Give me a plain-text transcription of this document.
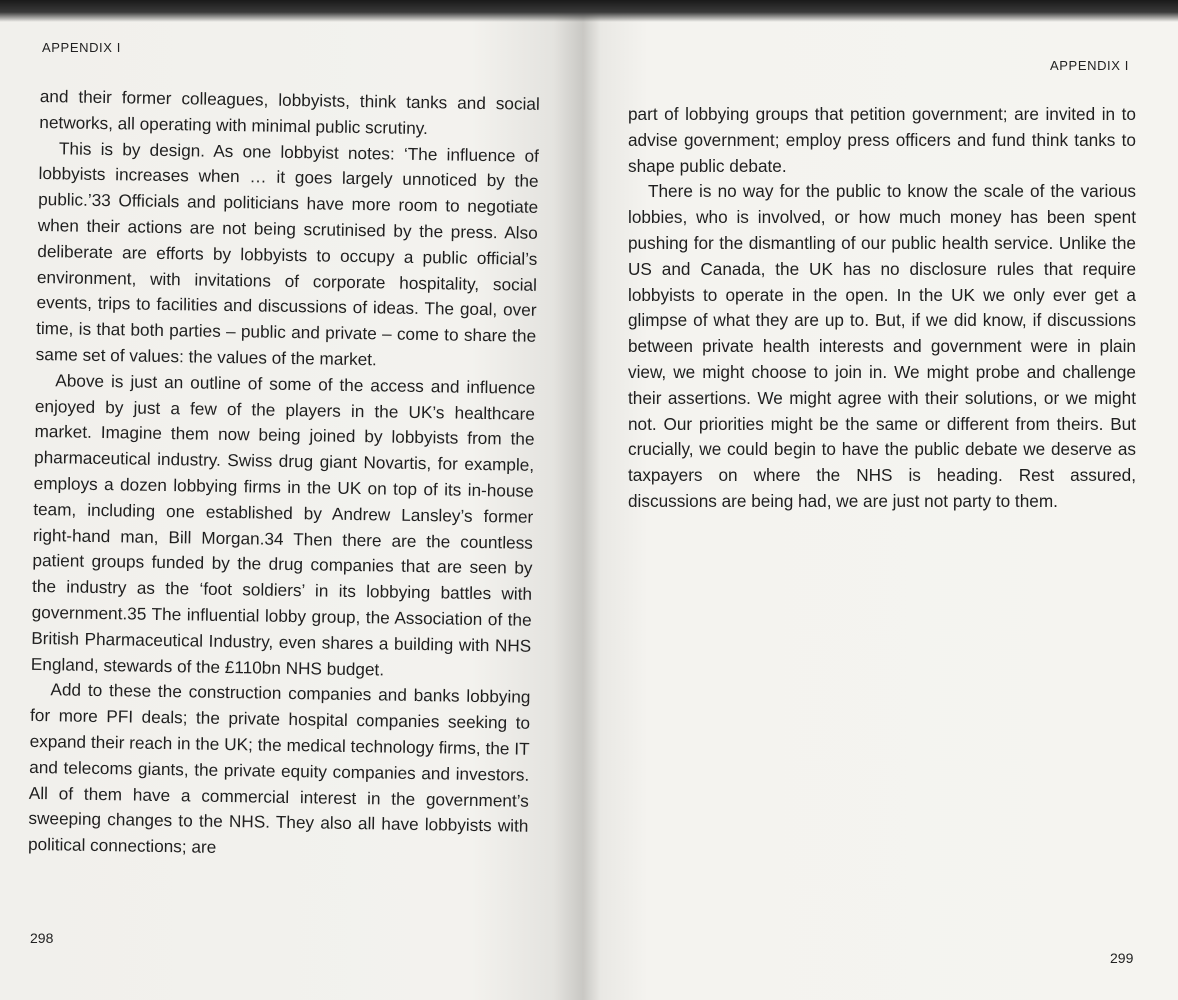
APPENDIX I

and their former colleagues, lobbyists, think tanks and social networks, all operating with minimal public scrutiny.

This is by design. As one lobbyist notes: ‘The influence of lobbyists increases when … it goes largely unnoticed by the public.’33 Officials and politicians have more room to negotiate when their actions are not being scrutinised by the press. Also deliberate are efforts by lobbyists to occupy a public official’s environment, with invitations of corporate hospitality, social events, trips to facilities and discussions of ideas. The goal, over time, is that both parties – public and private – come to share the same set of values: the values of the market.

Above is just an outline of some of the access and influence enjoyed by just a few of the players in the UK’s healthcare market. Imagine them now being joined by lobbyists from the pharmaceutical industry. Swiss drug giant Novartis, for example, employs a dozen lobbying firms in the UK on top of its in-house team, including one established by Andrew Lansley’s former right-hand man, Bill Morgan.34 Then there are the countless patient groups funded by the drug companies that are seen by the industry as the ‘foot soldiers’ in its lobbying battles with government.35 The influential lobby group, the Association of the British Pharmaceutical Industry, even shares a building with NHS England, stewards of the £110bn NHS budget.

Add to these the construction companies and banks lobbying for more PFI deals; the private hospital companies seeking to expand their reach in the UK; the medical technology firms, the IT and telecoms giants, the private equity companies and investors. All of them have a commercial interest in the government’s sweeping changes to the NHS. They also all have lobbyists with political connections; are

298
APPENDIX I

part of lobbying groups that petition government; are invited in to advise government; employ press officers and fund think tanks to shape public debate.

There is no way for the public to know the scale of the various lobbies, who is involved, or how much money has been spent pushing for the dismantling of our public health service. Unlike the US and Canada, the UK has no disclosure rules that require lobbyists to operate in the open. In the UK we only ever get a glimpse of what they are up to. But, if we did know, if discussions between private health interests and government were in plain view, we might choose to join in. We might probe and challenge their assertions. We might agree with their solutions, or we might not. Our priorities might be the same or different from theirs. But crucially, we could begin to have the public debate we deserve as taxpayers on where the NHS is heading. Rest assured, discussions are being had, we are just not party to them.

299
